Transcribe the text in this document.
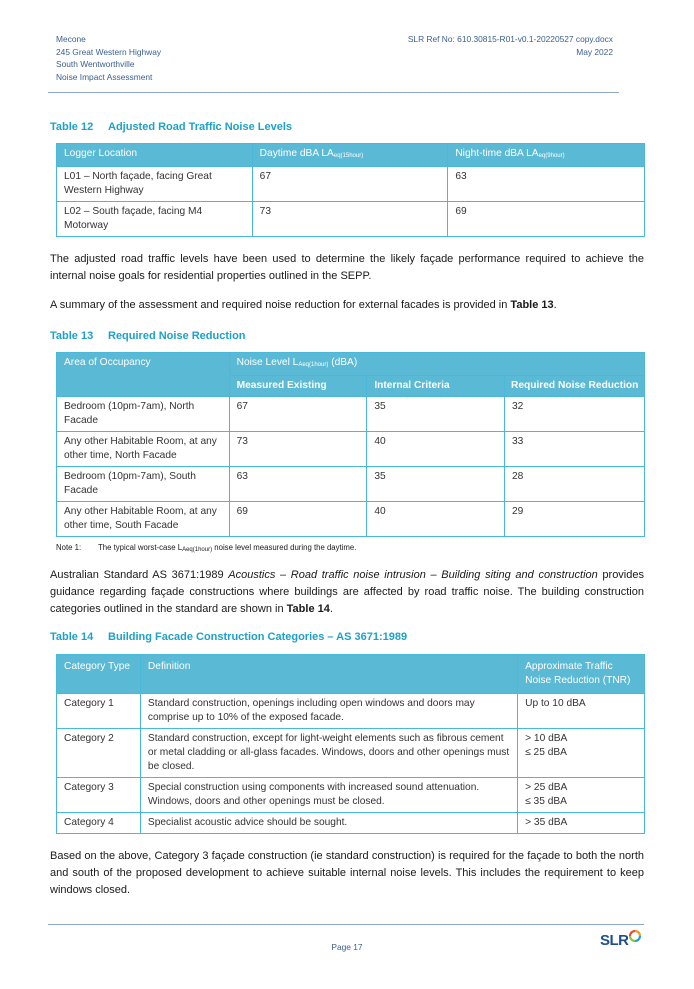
Mecone
245 Great Western Highway
South Wentworthville
Noise Impact Assessment
SLR Ref No: 610.30815-R01-v0.1-20220527 copy.docx
May 2022
Table 12 Adjusted Road Traffic Noise Levels
Logger Location	Daytime dBA $LA_{eq(15hour)}$	Night-time dBA $LA_{eq(9hour)}$
L01 – North façade, facing Great Western Highway	67	63
L02 – South façade, facing M4 Motorway	73	69
The adjusted road traffic levels have been used to determine the likely façade performance required to achieve the internal noise goals for residential properties outlined in the SEPP.
A summary of the assessment and required noise reduction for external facades is provided in Table 13.
Table 13 Required Noise Reduction
Area of Occupancy	Noise Level $L_{Aeq(1hour)}$ (dBA)		
	Measured Existing	Internal Criteria	Required Noise Reduction
Bedroom (10pm-7am), North Facade	67	35	32
Any other Habitable Room, at any other time, North Facade	73	40	33
Bedroom (10pm-7am), South Facade	63	35	28
Any other Habitable Room, at any other time, South Facade	69	40	29
Note 1: The typical worst-case $L_{Aeq(1hour)}$ noise level measured during the daytime.
Australian Standard AS 3671:1989 Acoustics – Road traffic noise intrusion – Building siting and construction provides guidance regarding façade constructions where buildings are affected by road traffic noise. The building construction categories outlined in the standard are shown in Table 14.
Table 14 Building Facade Construction Categories – AS 3671:1989
Category Type	Definition	Approximate Traffic Noise Reduction (TNR)
Category 1	Standard construction, openings including open windows and doors may comprise up to 10% of the exposed facade.	Up to 10 dBA

Category 2	Standard construction, except for light-weight elements such as fibrous cement or metal cladding or all-glass facades. Windows, doors and other openings must be closed.	> 10 dBA
≤ 25 dBA

Category 3	Special construction using components with increased sound attenuation. Windows, doors and other openings must be closed.	> 25 dBA
≤ 35 dBA

Category 4	Specialist acoustic advice should be sought.	> 35 dBA
Based on the above, Category 3 façade construction (ie standard construction) is required for the façade to both the north and south of the proposed development to achieve suitable internal noise levels. This includes the requirement to keep windows closed.
Page 17	SLR
